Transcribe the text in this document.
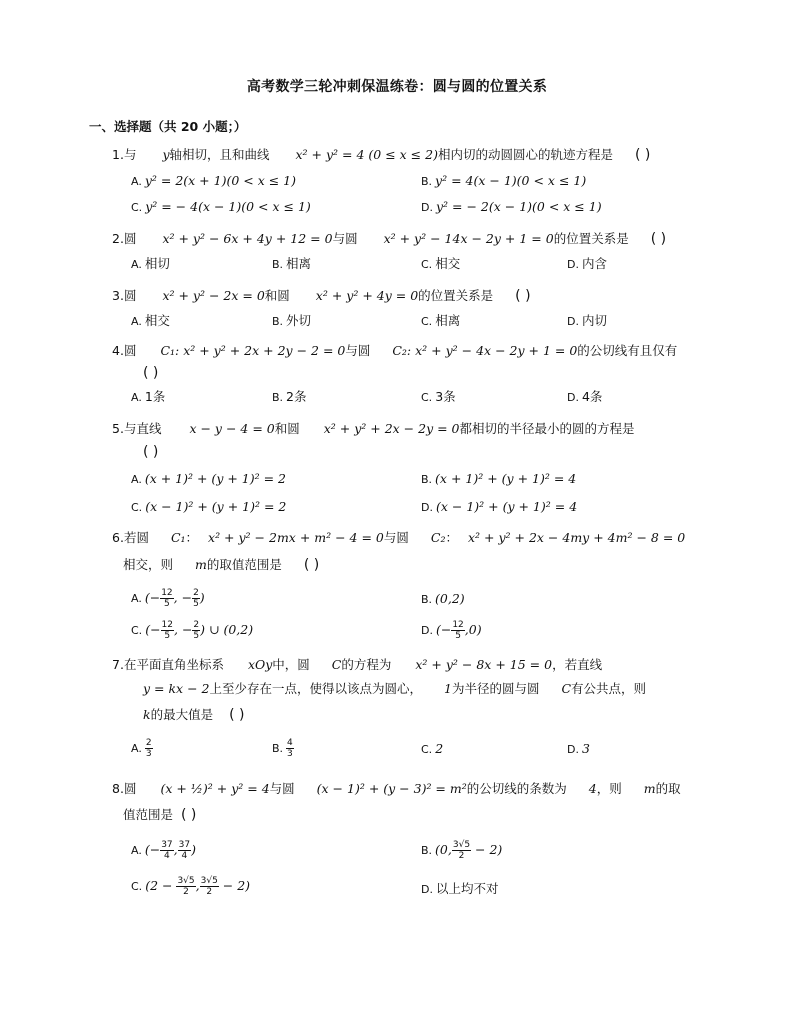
高考数学三轮冲刺保温练卷：圆与圆的位置关系
一、选择题（共 20 小题；）
1.与 y轴相切，且和曲线 x² + y² = 4 (0 ≤ x ≤ 2)相内切的动圆圆心的轨迹方程是 ( )
A. y² = 2(x + 1)(0 < x ≤ 1)	B. y² = 4(x − 1)(0 < x ≤ 1)
C. y² = − 4(x − 1)(0 < x ≤ 1)	D. y² = − 2(x − 1)(0 < x ≤ 1)
2.圆 x² + y² − 6x + 4y + 12 = 0与圆 x² + y² − 14x − 2y + 1 = 0的位置关系是 ( )
A. 相切	B. 相离	C. 相交	D. 内含
3.圆 x² + y² − 2x = 0和圆 x² + y² + 4y = 0的位置关系是 ( )
A. 相交	B. 外切	C. 相离	D. 内切
4.圆 C₁: x² + y² + 2x + 2y − 2 = 0与圆 C₂: x² + y² − 4x − 2y + 1 = 0的公切线有且仅有
( )
A. 1条	B. 2条	C. 3条	D. 4条
5.与直线 x − y − 4 = 0和圆 x² + y² + 2x − 2y = 0都相切的半径最小的圆的方程是
( )
A. (x + 1)² + (y + 1)² = 2	B. (x + 1)² + (y + 1)² = 4
C. (x − 1)² + (y + 1)² = 2	D. (x − 1)² + (y + 1)² = 4
6.若圆 C₁： x² + y² − 2mx + m² − 4 = 0与圆 C₂： x² + y² + 2x − 4my + 4m² − 8 = 0
相交，则 m的取值范围是 ( )
A. (− $\frac{12}{5}$ , − $\frac{2}{5}$ )	B. (0,2)
C. (− $\frac{12}{5}$ , − $\frac{2}{5}$ ) ∪ (0,2)	D. (− $\frac{12}{5} ,0$)
7.在平面直角坐标系 xOy中，圆 C的方程为 x² + y² − 8x + 15 = 0，若直线
y = kx − 2上至少存在一点，使得以该点为圆心， 1为半径的圆与圆 C有公共点，则
k的最大值是 ( )
A. $\frac{2}{3}$	B. $\frac{4}{3}$	C. 2	D. 3
8.圆 (x + ½)² + y² = 4与圆 (x − 1)² + (y − 3)² = m²的公切线的条数为 4，则 m的取
值范围是 ( )
A. (− $\frac{37}{4}$ , $\frac{37}{4}$ )	B. (0, $\frac{3√5}{2} - 2$)
C. ($2 - \frac{3√5}{2}$ , $\frac{3√5}{2} - 2$)	D. 以上均不对
